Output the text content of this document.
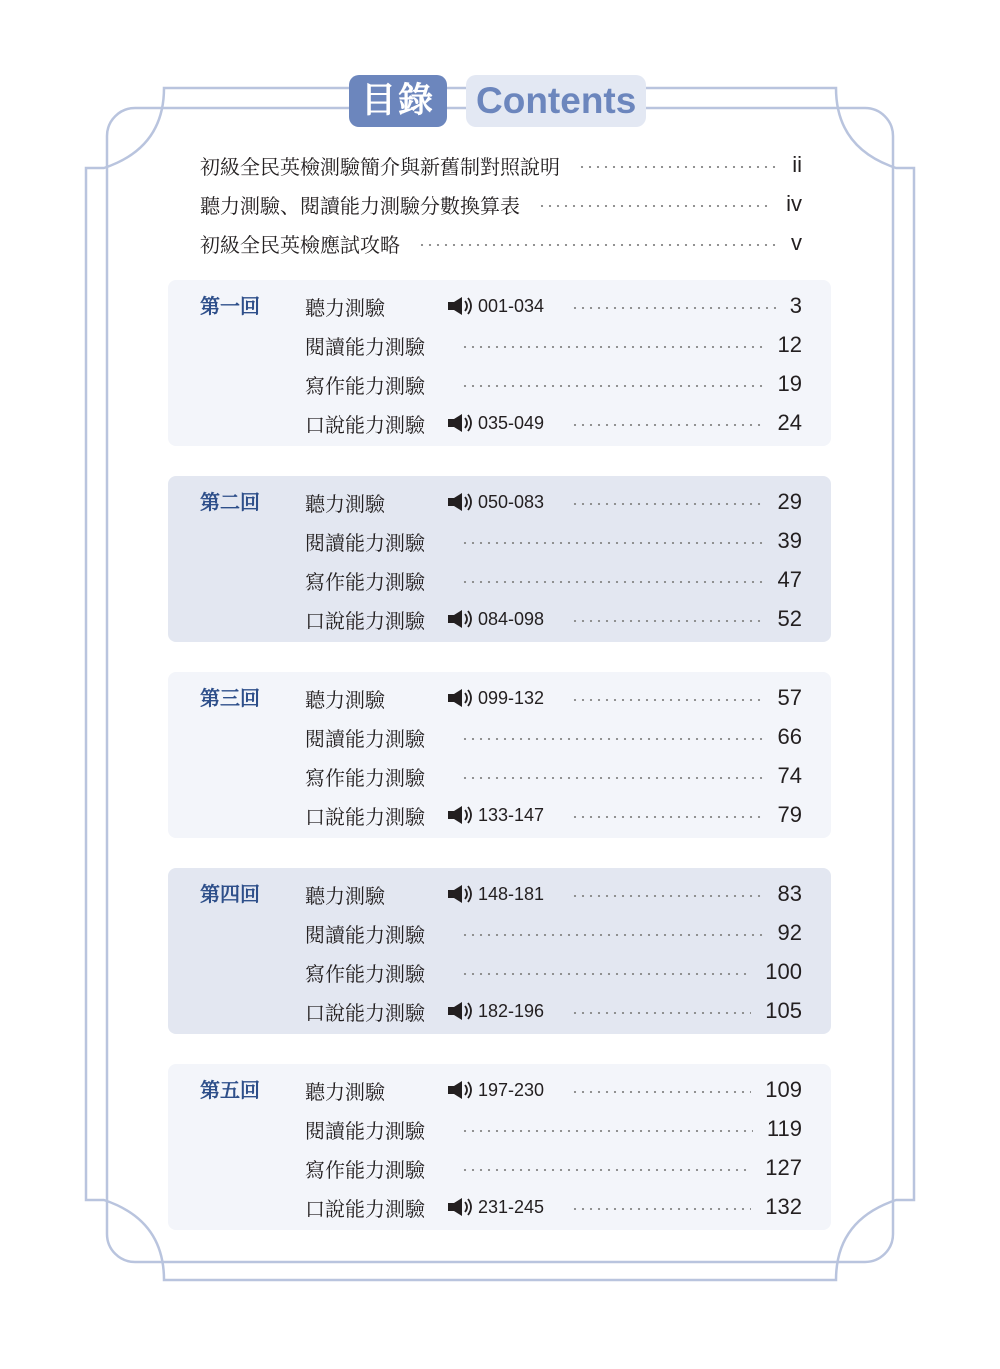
目錄	Contents
初級全民英檢測驗簡介與新舊制對照說明	ii
聽力測驗、閱讀能力測驗分數換算表	iv
初級全民英檢應試攻略	v
第一回 聽力測驗	001-034	3
閱讀能力測驗	12
寫作能力測驗	19
口說能力測驗	035-049	24
第二回 聽力測驗	050-083	29
閱讀能力測驗	39
寫作能力測驗	47
口說能力測驗	084-098	52
第三回 聽力測驗	099-132	57
閱讀能力測驗	66
寫作能力測驗	74
口說能力測驗	133-147	79
第四回 聽力測驗	148-181	83
閱讀能力測驗	92
寫作能力測驗	100
口說能力測驗	182-196	105
第五回 聽力測驗	197-230	109
閱讀能力測驗	119
寫作能力測驗	127
口說能力測驗	231-245	132
